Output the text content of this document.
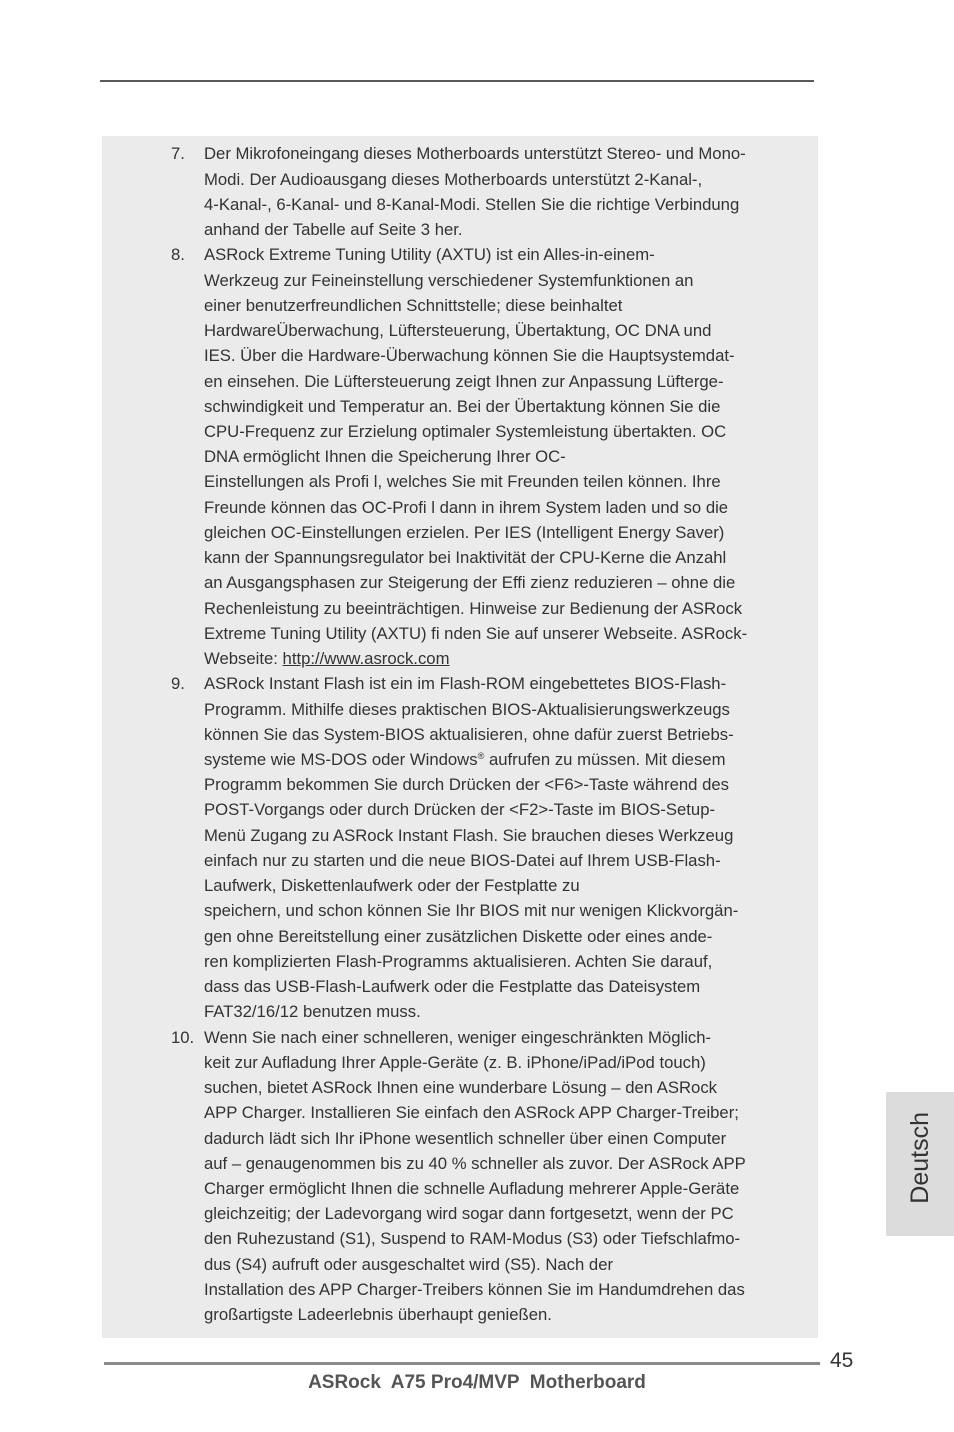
7. Der Mikrofoneingang dieses Motherboards unterstützt Stereo- und Mono-
Modi. Der Audioausgang dieses Motherboards unterstützt 2-Kanal-,
4-Kanal-, 6-Kanal- und 8-Kanal-Modi. Stellen Sie die richtige Verbindung
anhand der Tabelle auf Seite 3 her.
8. ASRock Extreme Tuning Utility (AXTU) ist ein Alles-in-einem-
Werkzeug zur Feineinstellung verschiedener Systemfunktionen an
einer benutzerfreundlichen Schnittstelle; diese beinhaltet
HardwareÜberwachung, Lüftersteuerung, Übertaktung, OC DNA und
IES. Über die Hardware-Überwachung können Sie die Hauptsystemdat-
en einsehen. Die Lüftersteuerung zeigt Ihnen zur Anpassung Lüfterge-
schwindigkeit und Temperatur an. Bei der Übertaktung können Sie die
CPU-Frequenz zur Erzielung optimaler Systemleistung übertakten. OC
DNA ermöglicht Ihnen die Speicherung Ihrer OC-
Einstellungen als Profi l, welches Sie mit Freunden teilen können. Ihre
Freunde können das OC-Profi l dann in ihrem System laden und so die
gleichen OC-Einstellungen erzielen. Per IES (Intelligent Energy Saver)
kann der Spannungsregulator bei Inaktivität der CPU-Kerne die Anzahl
an Ausgangsphasen zur Steigerung der Effi zienz reduzieren – ohne die
Rechenleistung zu beeinträchtigen. Hinweise zur Bedienung der ASRock
Extreme Tuning Utility (AXTU) fi nden Sie auf unserer Webseite. ASRock-
Webseite: http://www.asrock.com
9. ASRock Instant Flash ist ein im Flash-ROM eingebettetes BIOS-Flash-
Programm. Mithilfe dieses praktischen BIOS-Aktualisierungswerkzeugs
können Sie das System-BIOS aktualisieren, ohne dafür zuerst Betriebs-
systeme wie MS-DOS oder Windows® aufrufen zu müssen. Mit diesem
Programm bekommen Sie durch Drücken der <F6>-Taste während des
POST-Vorgangs oder durch Drücken der <F2>-Taste im BIOS-Setup-
Menü Zugang zu ASRock Instant Flash. Sie brauchen dieses Werkzeug
einfach nur zu starten und die neue BIOS-Datei auf Ihrem USB-Flash-
Laufwerk, Diskettenlaufwerk oder der Festplatte zu
speichern, und schon können Sie Ihr BIOS mit nur wenigen Klickvorgän-
gen ohne Bereitstellung einer zusätzlichen Diskette oder eines ande-
ren komplizierten Flash-Programms aktualisieren. Achten Sie darauf,
dass das USB-Flash-Laufwerk oder die Festplatte das Dateisystem
FAT32/16/12 benutzen muss.
10. Wenn Sie nach einer schnelleren, weniger eingeschränkten Möglich-
keit zur Aufladung Ihrer Apple-Geräte (z. B. iPhone/iPad/iPod touch)
suchen, bietet ASRock Ihnen eine wunderbare Lösung – den ASRock
APP Charger. Installieren Sie einfach den ASRock APP Charger-Treiber;
dadurch lädt sich Ihr iPhone wesentlich schneller über einen Computer
auf – genaugenommen bis zu 40 % schneller als zuvor. Der ASRock APP
Charger ermöglicht Ihnen die schnelle Aufladung mehrerer Apple-Geräte
gleichzeitig; der Ladevorgang wird sogar dann fortgesetzt, wenn der PC
den Ruhezustand (S1), Suspend to RAM-Modus (S3) oder Tiefschlafmo-
dus (S4) aufruft oder ausgeschaltet wird (S5). Nach der
Installation des APP Charger-Treibers können Sie im Handumdrehen das
großartigste Ladeerlebnis überhaupt genießen.
Deutsch
45
ASRock  A75 Pro4/MVP  Motherboard
